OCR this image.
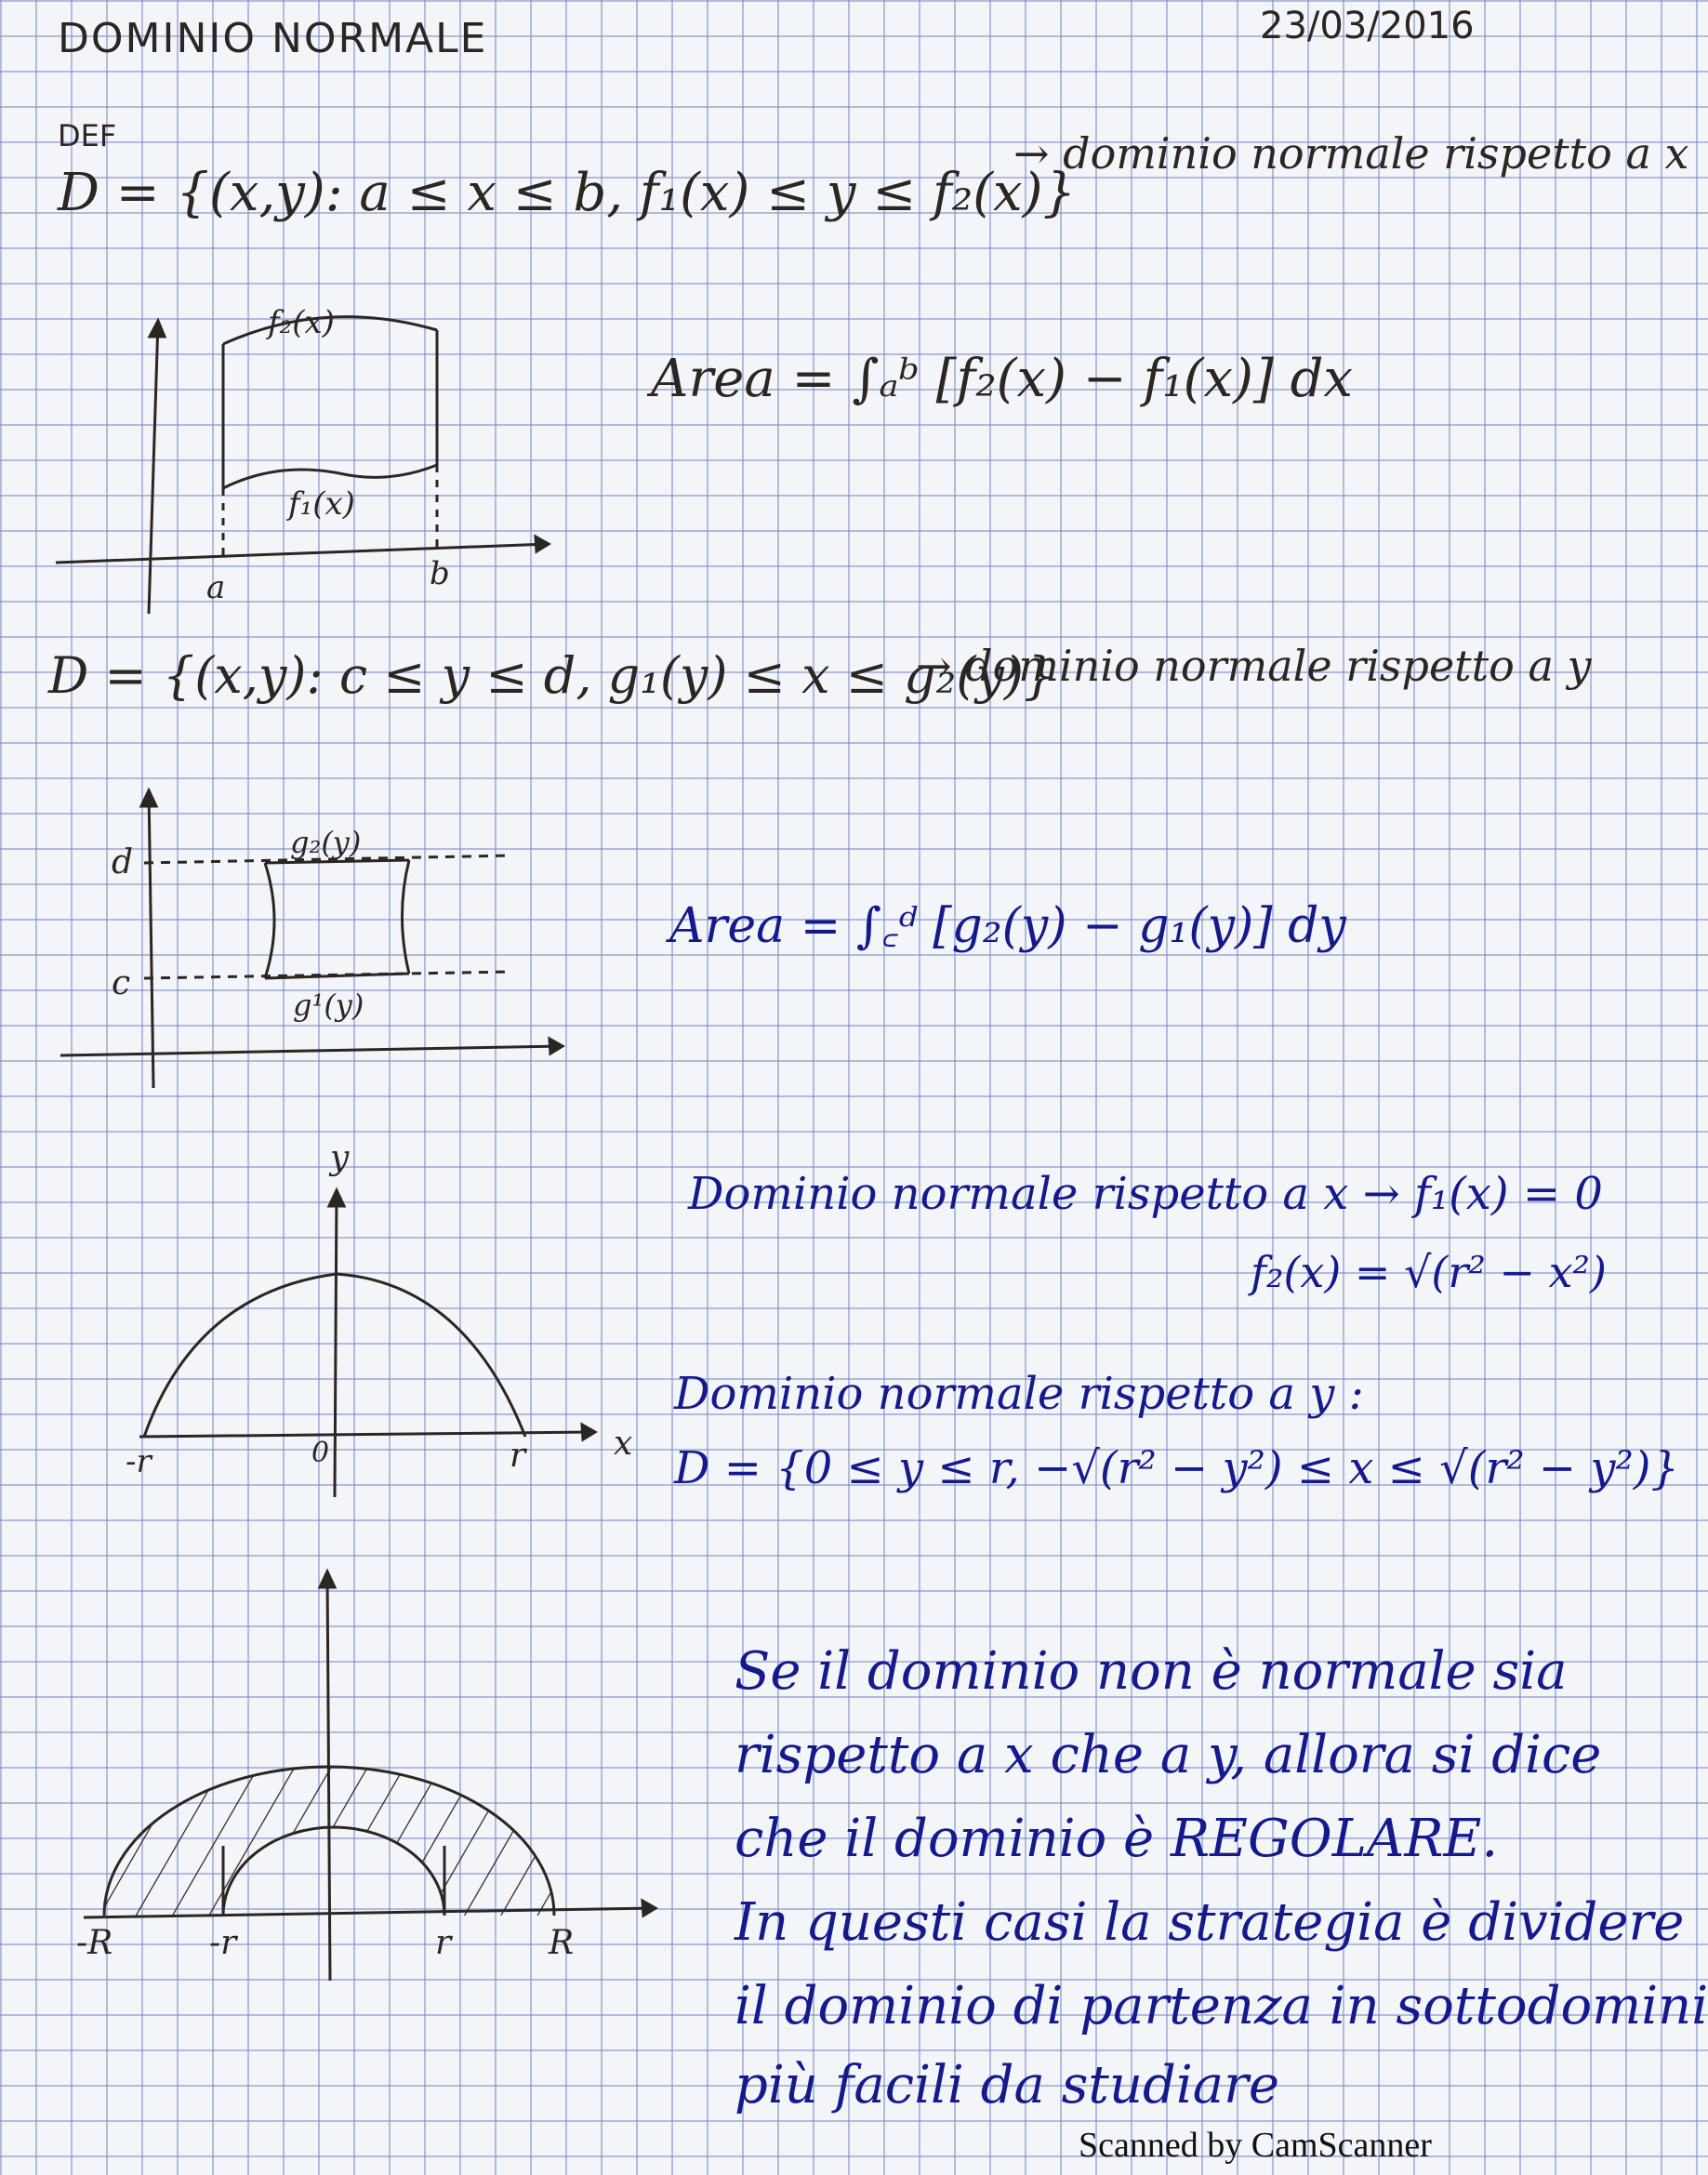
DOMINIO NORMALE	23/03/2016
DEF
D = {(x,y): a ≤ x ≤ b, f₁(x) ≤ y ≤ f₂(x)}
→ dominio normale rispetto a x
Area = ∫ₐᵇ [f₂(x) − f₁(x)] dx
D = {(x,y): c ≤ y ≤ d, g₁(y) ≤ x ≤ g₂(y)}
→ dominio normale rispetto a y
Area = ∫꜀ᵈ [g₂(y) − g₁(y)] dy
Dominio normale rispetto a x → f₁(x) = 0
f₂(x) = √(r² − x²)
Dominio normale rispetto a y :
D = {0 ≤ y ≤ r, −√(r² − y²) ≤ x ≤ √(r² − y²)}
Se il dominio non è normale sia
rispetto a x che a y, allora si dice
che il dominio è REGOLARE.
In questi casi la strategia è dividere
il dominio di partenza in sottodomini
più facili da studiare
f₂(x)
f₁(x)
a	b
g₂(y)
g¹(y)
d
c
y
x
-r	0	r
-R	-r	r	R
Scanned by CamScanner
